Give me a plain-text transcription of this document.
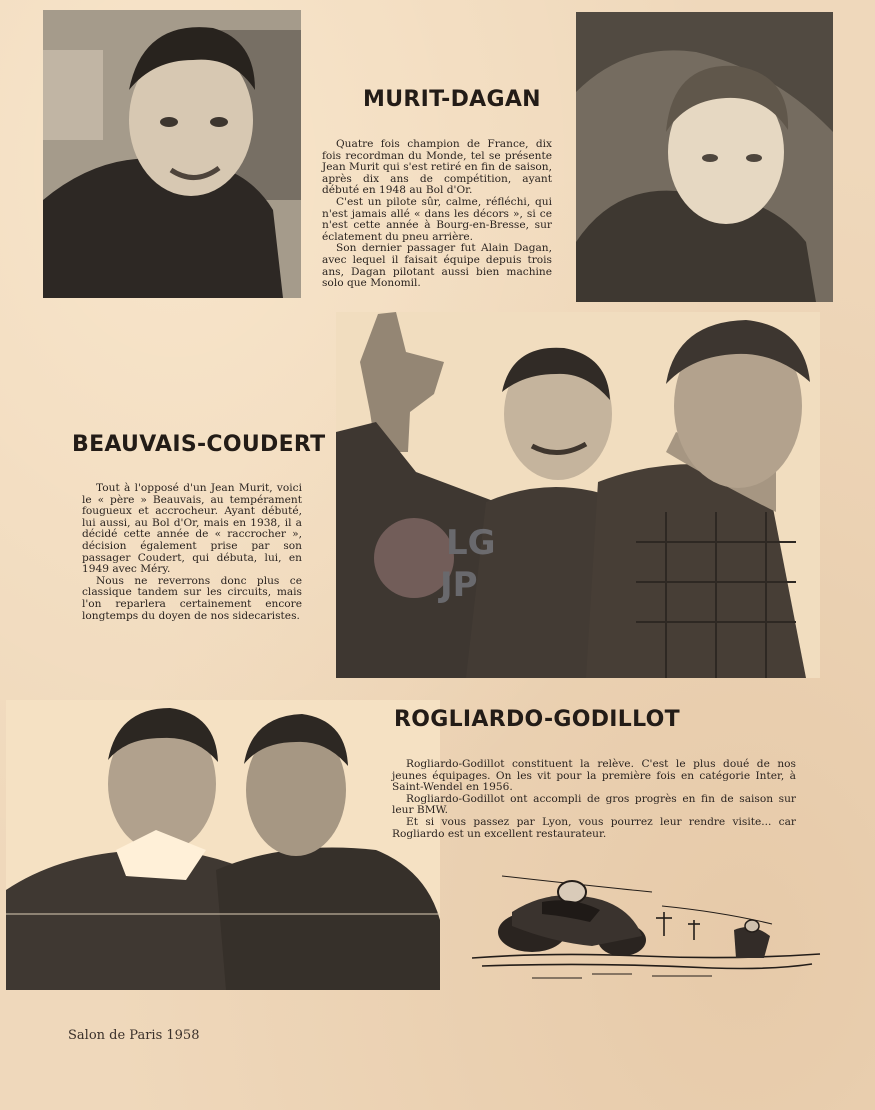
MURIT-DAGAN

Quatre fois champion de France, dix fois recordman du Monde, tel se présente Jean Murit qui s'est retiré en fin de saison, après dix ans de compétition, ayant débuté en 1948 au Bol d'Or.

C'est un pilote sûr, calme, réfléchi, qui n'est jamais allé « dans les décors », si ce n'est cette année à Bourg-en-Bresse, sur éclatement du pneu arrière.

Son dernier passager fut Alain Dagan, avec lequel il faisait équipe depuis trois ans, Dagan pilotant aussi bien machine solo que Monomil.

LG
JP
BEAUVAIS-COUDERT

Tout à l'opposé d'un Jean Murit, voici le « père » Beauvais, au tempérament fougueux et accrocheur. Ayant débuté, lui aussi, au Bol d'Or, mais en 1938, il a décidé cette année de « raccrocher », décision également prise par son passager Coudert, qui débuta, lui, en 1949 avec Méry.

Nous ne reverrons donc plus ce classique tandem sur les circuits, mais l'on reparlera certainement encore longtemps du doyen de nos sidecaristes.

ROGLIARDO-GODILLOT

Rogliardo-Godillot constituent la relève. C'est le plus doué de nos jeunes équipages. On les vit pour la première fois en catégorie Inter, à Saint-Wendel en 1956.

Rogliardo-Godillot ont accompli de gros progrès en fin de saison sur leur BMW.

Et si vous passez par Lyon, vous pourrez leur rendre visite... car Rogliardo est un excellent restaurateur.

Salon de Paris 1958
